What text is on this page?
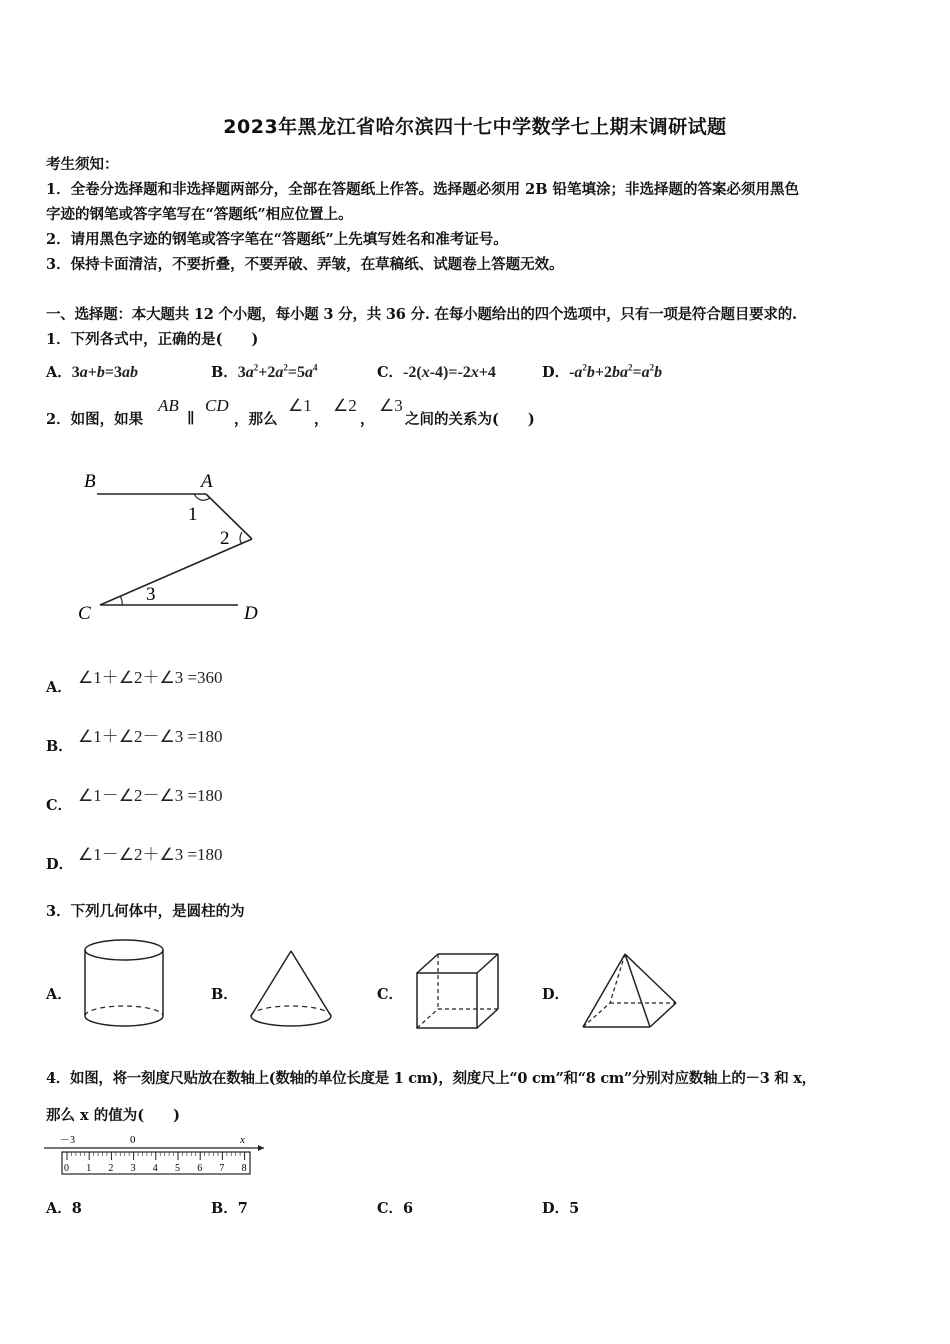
2023年黑龙江省哈尔滨四十七中学数学七上期末调研试题
考生须知：
1．全卷分选择题和非选择题两部分，全部在答题纸上作答。选择题必须用 2B 铅笔填涂；非选择题的答案必须用黑色
字迹的钢笔或答字笔写在“答题纸”相应位置上。
2．请用黑色字迹的钢笔或答字笔在“答题纸”上先填写姓名和准考证号。
3．保持卡面清洁，不要折叠，不要弄破、弄皱，在草稿纸、试题卷上答题无效。
一、选择题：本大题共 12 个小题，每小题 3 分，共 36 分. 在每小题给出的四个选项中，只有一项是符合题目要求的.
1．下列各式中，正确的是(　　)
A．3a+b=3ab	B．$3a^2+2a^2=5a^4$	C．-2(x-4)=-2x+4	D．$-a^2b+2ba^2=a^2b$
2．如图，如果
AB
∥
CD
，那么
∠1
，
∠2
，
∠3
之间的关系为(　　)
B	A
C	D
1
2
3
A．
∠1＋∠2＋∠3 =360
B．
∠1＋∠2－∠3 =180
C．
∠1－∠2－∠3 =180
D．
∠1－∠2＋∠3 =180
3．下列几何体中，是圆柱的为
A．	B．	C．	D．
4．如图，将一刻度尺贴放在数轴上(数轴的单位长度是 1 cm)，刻度尺上“0 cm”和“8 cm”分别对应数轴上的－3 和 x，
那么 x 的值为(　　)
－3	0	x
0 1 2 3 4 5 6 7 8
A．8	B．7	C．6	D．5
